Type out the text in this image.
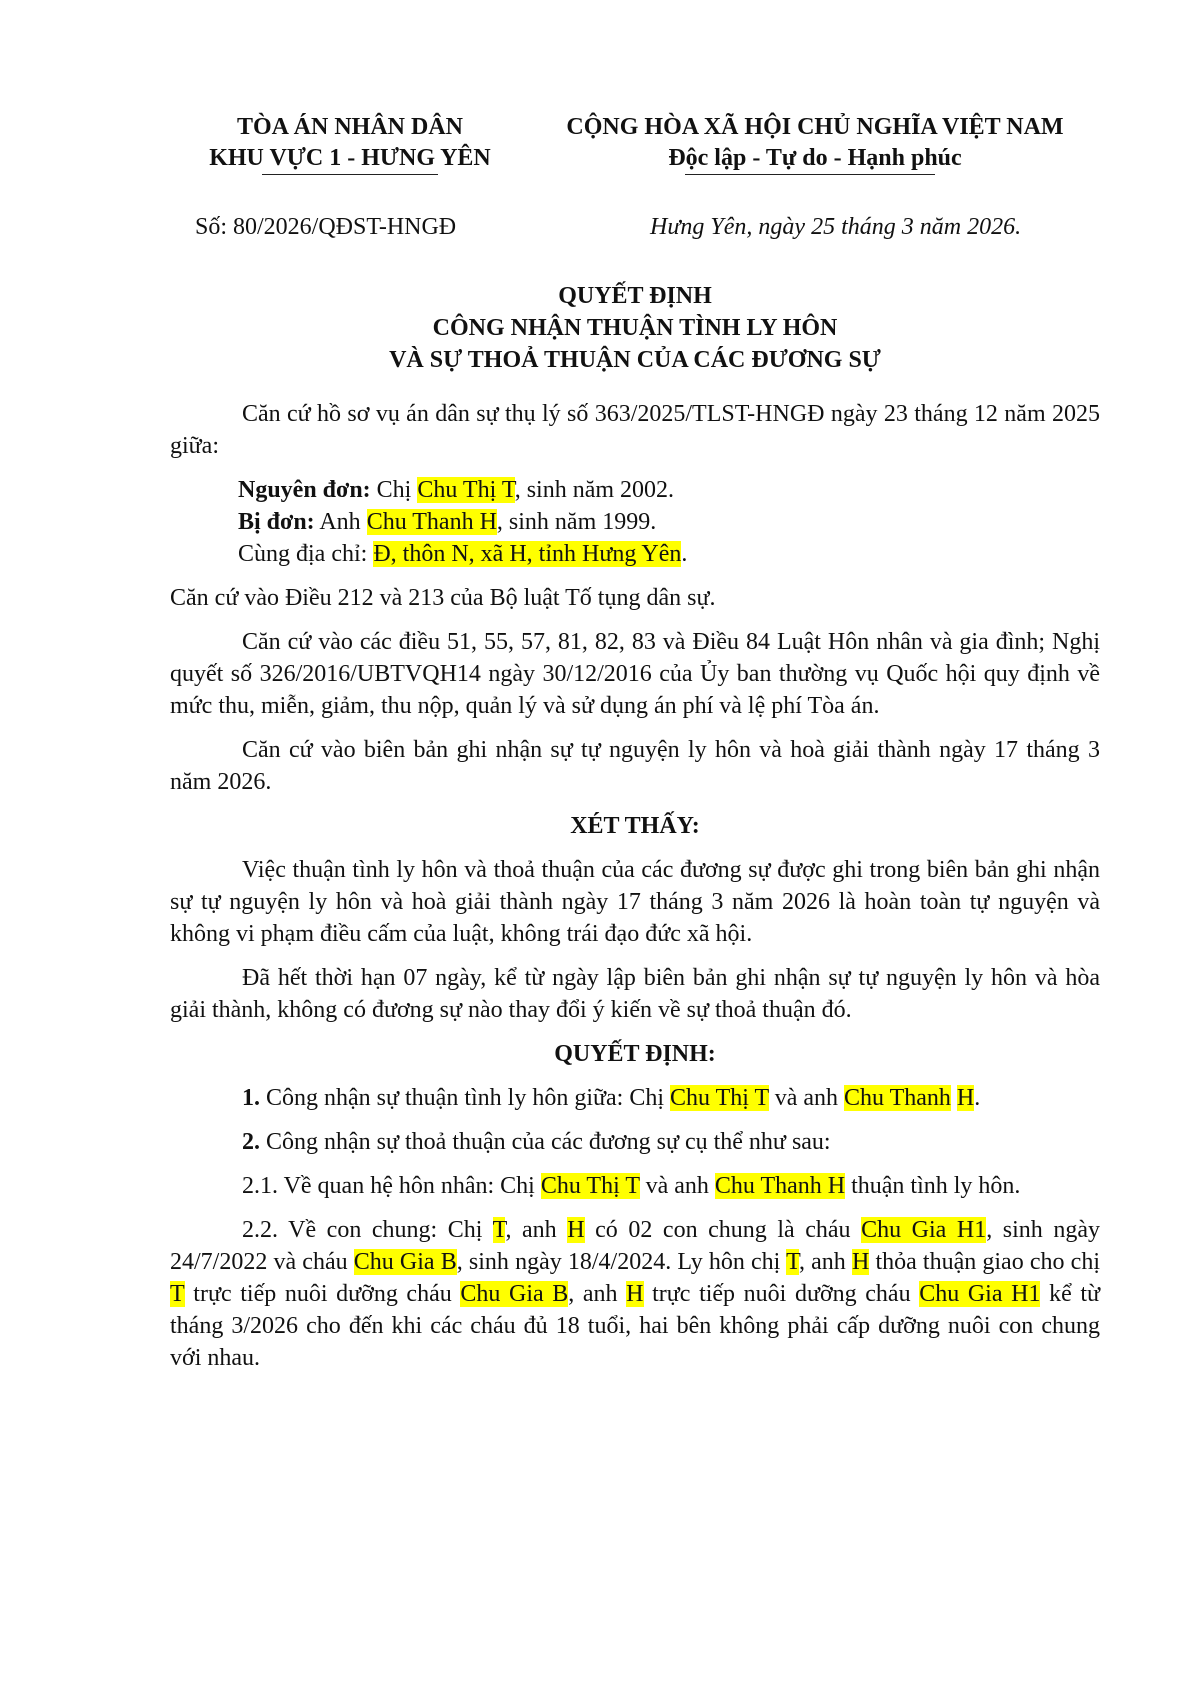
TÒA ÁN NHÂN DÂN
KHU VỰC 1 - HƯNG YÊN
CỘNG HÒA XÃ HỘI CHỦ NGHĨA VIỆT NAM
Độc lập - Tự do - Hạnh phúc
Số: 80/2026/QĐST-HNGĐ	Hưng Yên, ngày 25 tháng 3 năm 2026.
QUYẾT ĐỊNH
CÔNG NHẬN THUẬN TÌNH LY HÔN
VÀ SỰ THOẢ THUẬN CỦA CÁC ĐƯƠNG SỰ

Căn cứ hồ sơ vụ án dân sự thụ lý số 363/2025/TLST-HNGĐ ngày 23 tháng 12 năm 2025 giữa:

Nguyên đơn: Chị Chu Thị T, sinh năm 2002.
Bị đơn: Anh Chu Thanh H, sinh năm 1999.
Cùng địa chỉ: Đ, thôn N, xã H, tỉnh Hưng Yên.

Căn cứ vào Điều 212 và 213 của Bộ luật Tố tụng dân sự.

Căn cứ vào các điều 51, 55, 57, 81, 82, 83 và Điều 84 Luật Hôn nhân và gia đình; Nghị quyết số 326/2016/UBTVQH14 ngày 30/12/2016 của Ủy ban thường vụ Quốc hội quy định về mức thu, miễn, giảm, thu nộp, quản lý và sử dụng án phí và lệ phí Tòa án.

Căn cứ vào biên bản ghi nhận sự tự nguyện ly hôn và hoà giải thành ngày 17 tháng 3 năm 2026.

XÉT THẤY:

Việc thuận tình ly hôn và thoả thuận của các đương sự được ghi trong biên bản ghi nhận sự tự nguyện ly hôn và hoà giải thành ngày 17 tháng 3 năm 2026 là hoàn toàn tự nguyện và không vi phạm điều cấm của luật, không trái đạo đức xã hội.

Đã hết thời hạn 07 ngày, kể từ ngày lập biên bản ghi nhận sự tự nguyện ly hôn và hòa giải thành, không có đương sự nào thay đổi ý kiến về sự thoả thuận đó.

QUYẾT ĐỊNH:

1. Công nhận sự thuận tình ly hôn giữa: Chị Chu Thị T và anh Chu Thanh H.

2. Công nhận sự thoả thuận của các đương sự cụ thể như sau:

2.1. Về quan hệ hôn nhân: Chị Chu Thị T và anh Chu Thanh H thuận tình ly hôn.

2.2. Về con chung: Chị T, anh H có 02 con chung là cháu Chu Gia H1, sinh ngày 24/7/2022 và cháu Chu Gia B, sinh ngày 18/4/2024. Ly hôn chị T, anh H thỏa thuận giao cho chị T trực tiếp nuôi dưỡng cháu Chu Gia B, anh H trực tiếp nuôi dưỡng cháu Chu Gia H1 kể từ tháng 3/2026 cho đến khi các cháu đủ 18 tuổi, hai bên không phải cấp dưỡng nuôi con chung với nhau.
